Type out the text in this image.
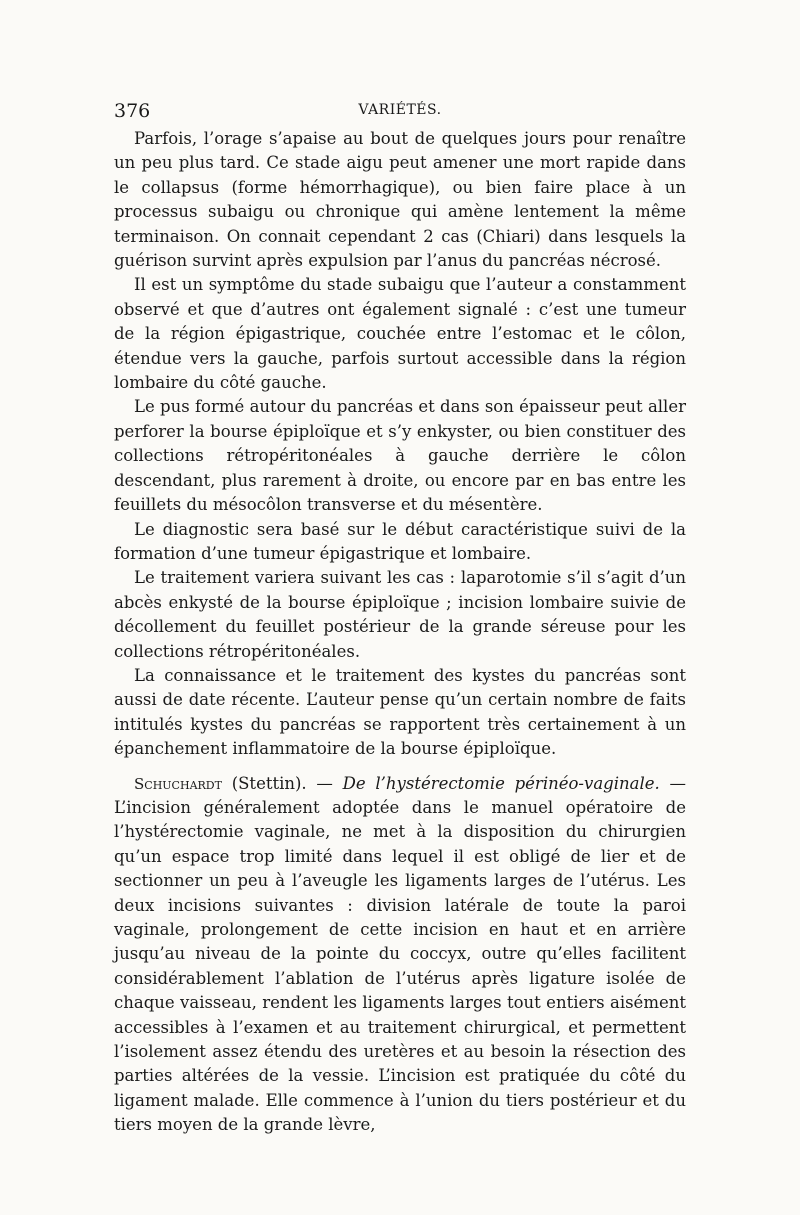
376	VARIÉTÉS.

Parfois, l’orage s’apaise au bout de quelques jours pour renaître un peu plus tard. Ce stade aigu peut amener une mort rapide dans le collapsus (forme hémorrhagique), ou bien faire place à un processus subaigu ou chronique qui amène lentement la même terminaison. On connait cependant 2 cas (Chiari) dans lesquels la guérison survint après expulsion par l’anus du pancréas nécrosé.

Il est un symptôme du stade subaigu que l’auteur a constamment observé et que d’autres ont également signalé : c’est une tumeur de la région épigastrique, couchée entre l’estomac et le côlon, étendue vers la gauche, parfois surtout accessible dans la région lombaire du côté gauche.

Le pus formé autour du pancréas et dans son épaisseur peut aller perforer la bourse épiploïque et s’y enkyster, ou bien constituer des collections rétropéritonéales à gauche derrière le côlon descendant, plus rarement à droite, ou encore par en bas entre les feuillets du mésocôlon transverse et du mésentère.

Le diagnostic sera basé sur le début caractéristique suivi de la formation d’une tumeur épigastrique et lombaire.

Le traitement variera suivant les cas : laparotomie s’il s’agit d’un abcès enkysté de la bourse épiploïque ; incision lombaire suivie de décollement du feuillet postérieur de la grande séreuse pour les collections rétropéritonéales.

La connaissance et le traitement des kystes du pancréas sont aussi de date récente. L’auteur pense qu’un certain nombre de faits intitulés kystes du pancréas se rapportent très certainement à un épanchement inflammatoire de la bourse épiploïque.

Schuchardt (Stettin). — De l’hystérectomie périnéo-vaginale. — L’incision généralement adoptée dans le manuel opératoire de l’hystérectomie vaginale, ne met à la disposition du chirurgien qu’un espace trop limité dans lequel il est obligé de lier et de sectionner un peu à l’aveugle les ligaments larges de l’utérus. Les deux incisions suivantes : division latérale de toute la paroi vaginale, prolongement de cette incision en haut et en arrière jusqu’au niveau de la pointe du coccyx, outre qu’elles facilitent considérablement l’ablation de l’utérus après ligature isolée de chaque vaisseau, rendent les ligaments larges tout entiers aisément accessibles à l’examen et au traitement chirurgical, et permettent l’isolement assez étendu des uretères et au besoin la résection des parties altérées de la vessie. L’incision est pratiquée du côté du ligament malade. Elle commence à l’union du tiers postérieur et du tiers moyen de la grande lèvre,
